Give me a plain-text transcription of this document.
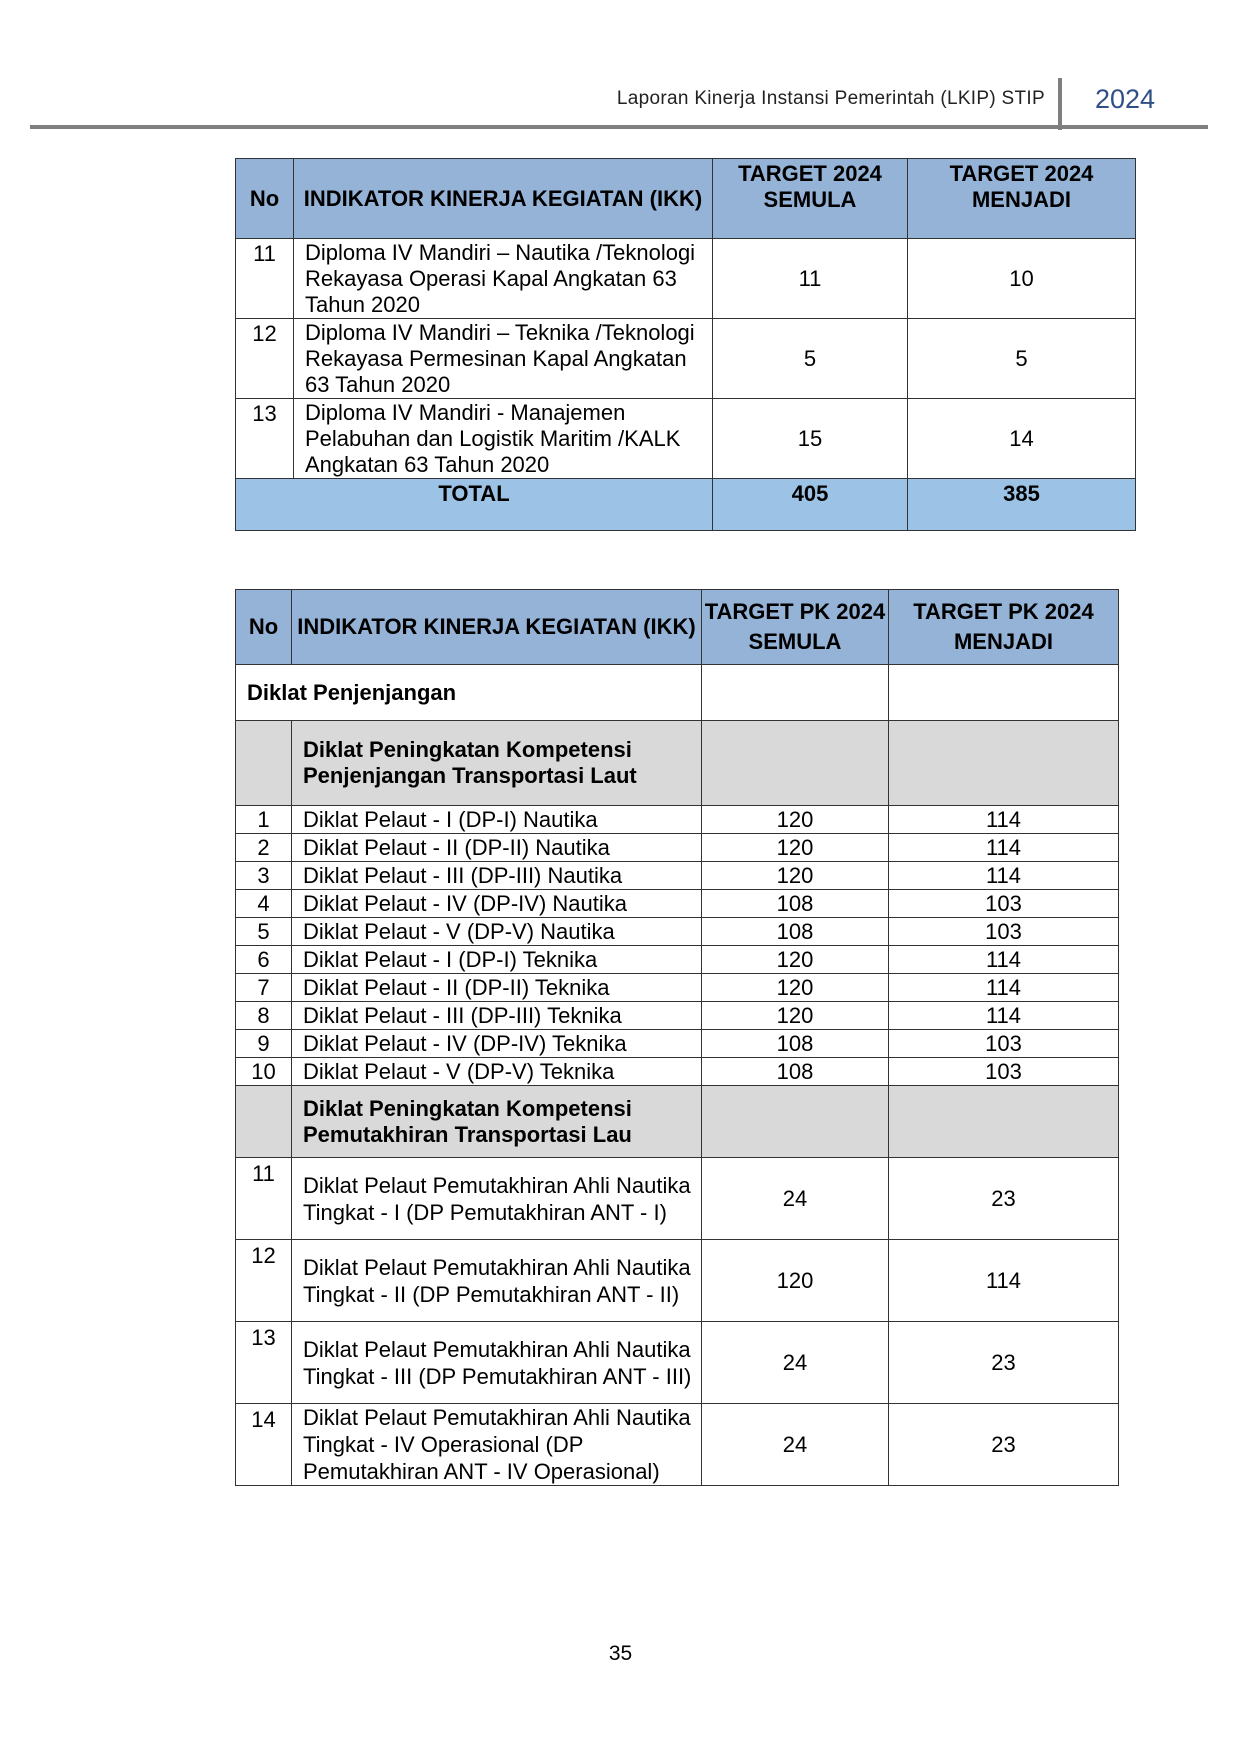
Laporan Kinerja Instansi Pemerintah (LKIP) STIP 2024
No	INDIKATOR KINERJA KEGIATAN (IKK)	TARGET 2024 SEMULA	TARGET 2024 MENJADI
11	Diploma IV Mandiri – Nautika /Teknologi Rekayasa Operasi Kapal Angkatan 63 Tahun 2020	11	10
12	Diploma IV Mandiri – Teknika /Teknologi Rekayasa Permesinan Kapal Angkatan 63 Tahun 2020	5	5
13	Diploma IV Mandiri - Manajemen Pelabuhan dan Logistik Maritim /KALK Angkatan 63 Tahun 2020	15	14
TOTAL		405	385
No	INDIKATOR KINERJA KEGIATAN (IKK)	TARGET PK 2024 SEMULA	TARGET PK 2024 MENJADI
Diklat Penjenjangan			
	Diklat Peningkatan Kompetensi Penjenjangan Transportasi Laut		
1	Diklat Pelaut - I (DP-I) Nautika	120	114
2	Diklat Pelaut - II (DP-II) Nautika	120	114
3	Diklat Pelaut - III (DP-III) Nautika	120	114
4	Diklat Pelaut - IV (DP-IV) Nautika	108	103
5	Diklat Pelaut - V (DP-V) Nautika	108	103
6	Diklat Pelaut - I (DP-I) Teknika	120	114
7	Diklat Pelaut - II (DP-II) Teknika	120	114
8	Diklat Pelaut - III (DP-III) Teknika	120	114
9	Diklat Pelaut - IV (DP-IV) Teknika	108	103
10	Diklat Pelaut - V (DP-V) Teknika	108	103
	Diklat Peningkatan Kompetensi Pemutakhiran Transportasi Lau		
11	Diklat Pelaut Pemutakhiran Ahli Nautika Tingkat - I (DP Pemutakhiran ANT - I)	24	23
12	Diklat Pelaut Pemutakhiran Ahli Nautika Tingkat - II (DP Pemutakhiran ANT - II)	120	114
13	Diklat Pelaut Pemutakhiran Ahli Nautika Tingkat - III (DP Pemutakhiran ANT - III)	24	23
14	Diklat Pelaut Pemutakhiran Ahli Nautika Tingkat - IV Operasional (DP Pemutakhiran ANT - IV Operasional)	24	23
35
